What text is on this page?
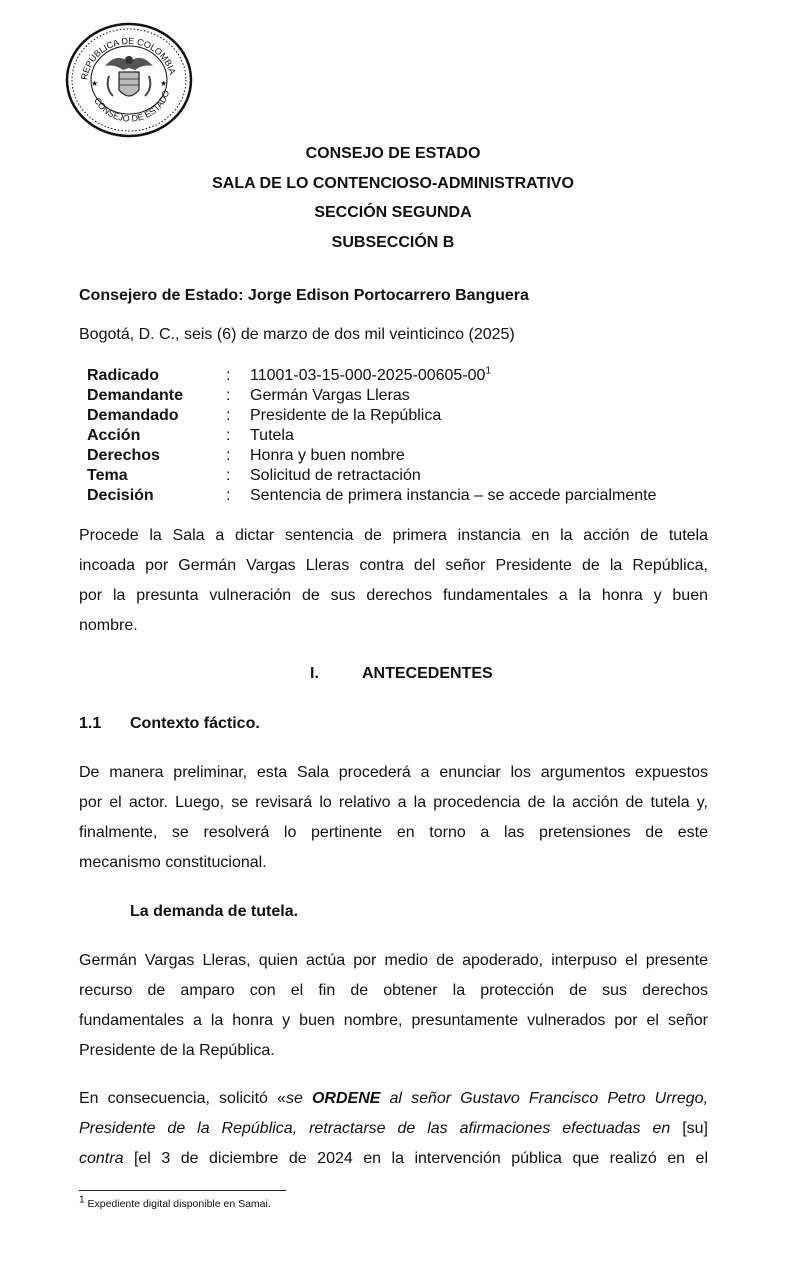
REPÚBLICA DE COLOMBIA
CONSEJO DE ESTADO
★	★
CONSEJO DE ESTADO
SALA DE LO CONTENCIOSO-ADMINISTRATIVO
SECCIÓN SEGUNDA
SUBSECCIÓN B
Consejero de Estado: Jorge Edison Portocarrero Banguera
Bogotá, D. C., seis (6) de marzo de dos mil veinticinco (2025)
Radicado	: $11001-03-15-000-2025-00605-00^1$
Demandante	: Germán Vargas Lleras
Demandado	: Presidente de la República
Acción	: Tutela
Derechos	: Honra y buen nombre
Tema	: Solicitud de retractación
Decisión	: Sentencia de primera instancia – se accede parcialmente
Procede la Sala a dictar sentencia de primera instancia en la acción de tutela
incoada por Germán Vargas Lleras contra del señor Presidente de la República,
por la presunta vulneración de sus derechos fundamentales a la honra y buen
nombre.
I.	ANTECEDENTES
1.1 Contexto fáctico.
De manera preliminar, esta Sala procederá a enunciar los argumentos expuestos
por el actor. Luego, se revisará lo relativo a la procedencia de la acción de tutela y,
finalmente, se resolverá lo pertinente en torno a las pretensiones de este
mecanismo constitucional.
La demanda de tutela.
Germán Vargas Lleras, quien actúa por medio de apoderado, interpuso el presente
recurso de amparo con el fin de obtener la protección de sus derechos
fundamentales a la honra y buen nombre, presuntamente vulnerados por el señor
Presidente de la República.
En consecuencia, solicitó «se ORDENE al señor Gustavo Francisco Petro Urrego,
Presidente de la República, retractarse de las afirmaciones efectuadas en [su]
contra [el 3 de diciembre de 2024 en la intervención pública que realizó en el
$^1$ Expediente digital disponible en Samai.
